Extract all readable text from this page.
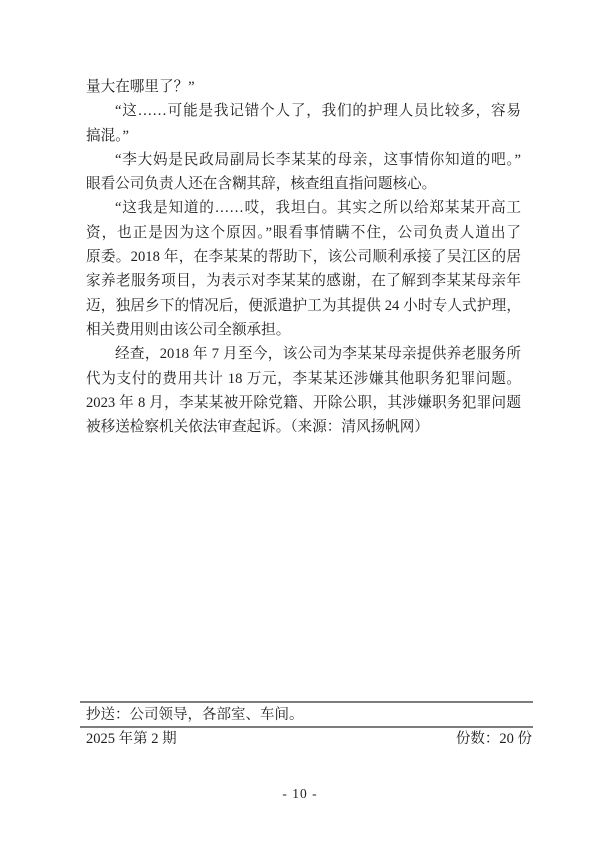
量大在哪里了？”
“这……可能是我记错个人了，我们的护理人员比较多，容易
搞混。”
“李大妈是民政局副局长李某某的母亲，这事情你知道的吧。”
眼看公司负责人还在含糊其辞，核查组直指问题核心。
“这我是知道的……哎，我坦白。其实之所以给郑某某开高工
资，也正是因为这个原因。”眼看事情瞒不住，公司负责人道出了
原委。2018 年，在李某某的帮助下，该公司顺利承接了吴江区的居
家养老服务项目，为表示对李某某的感谢，在了解到李某某母亲年
迈，独居乡下的情况后，便派遣护工为其提供 24 小时专人式护理，
相关费用则由该公司全额承担。
经查，2018 年 7 月至今，该公司为李某某母亲提供养老服务所
代为支付的费用共计 18 万元，李某某还涉嫌其他职务犯罪问题。
2023 年 8 月，李某某被开除党籍、开除公职，其涉嫌职务犯罪问题
被移送检察机关依法审查起诉。（来源：清风扬帆网）
抄送：公司领导，各部室、车间。
2025 年第 2 期	份数：20 份
- 10 -
